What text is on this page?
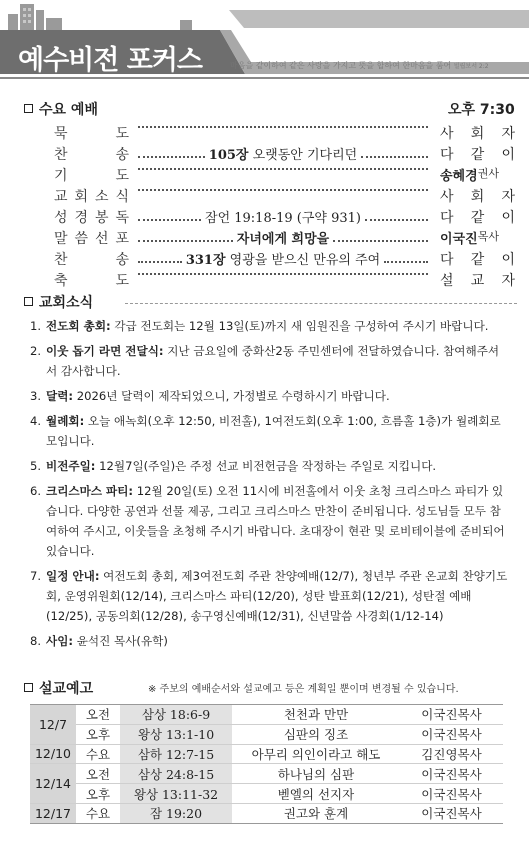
예수비전 포커스	마음을 같이하여 같은 사랑을 가지고 뜻을 합하여 한마음을 품어 빌립보서 2:2
수요 예배	오후 7:30
묵	도	사 회 자
찬	송	105장 오랫동안 기다리던	다 같 이
기	도	송혜경 권사
교 회 소 식	사 회 자
성 경 봉 독	잠언 19:18-19 (구약 931)	다 같 이
말 씀 선 포	자녀에게 희망을	이국진 목사
찬	송	331장 영광을 받으신 만유의 주여	다 같 이
축	도	설 교 자
교회소식
1. 전도회 총회: 각급 전도회는 12월 13일(토)까지 새 임원진을 구성하여 주시기 바랍니다.
2. 이웃 돕기 라면 전달식: 지난 금요일에 중화산2동 주민센터에 전달하였습니다. 참여해주셔서 감사합니다.
3. 달력: 2026년 달력이 제작되었으니, 가정별로 수령하시기 바랍니다.
4. 월례회: 오늘 애녹회(오후 12:50, 비전홀), 1여전도회(오후 1:00, 흐름홀 1층)가 월례회로 모입니다.
5. 비전주일: 12월7일(주일)은 주정 선교 비전헌금을 작정하는 주일로 지킵니다.
6. 크리스마스 파티: 12월 20일(토) 오전 11시에 비전홀에서 이웃 초청 크리스마스 파티가 있습니다. 다양한 공연과 선물 제공, 그리고 크리스마스 만찬이 준비됩니다. 성도님들 모두 참여하여 주시고, 이웃들을 초청해 주시기 바랍니다. 초대장이 현관 및 로비테이블에 준비되어 있습니다.
7. 일정 안내: 여전도회 총회, 제3여전도회 주관 찬양예배(12/7), 청년부 주관 온교회 찬양기도회, 운영위원회(12/14), 크리스마스 파티(12/20), 성탄 발표회(12/21), 성탄절 예배(12/25), 공동의회(12/28), 송구영신예배(12/31), 신년말씀 사경회(1/12-14)
8. 사임: 윤석진 목사(유학)
설교예고	※ 주보의 예배순서와 설교예고 등은 계획일 뿐이며 변경될 수 있습니다.
12/7	오전	삼상 18:6-9	천천과 만만	이국진목사
	오후	왕상 13:1-10	심판의 징조	이국진목사
12/10	수요	삼하 12:7-15	아무리 의인이라고 해도	김진영목사
12/14	오전	삼상 24:8-15	하나님의 심판	이국진목사
	오후	왕상 13:11-32	벧엘의 선지자	이국진목사
12/17	수요	잠 19:20	권고와 훈계	이국진목사
